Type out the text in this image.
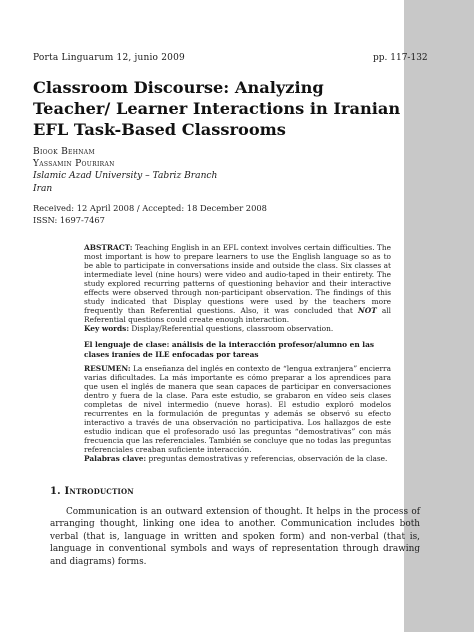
Porta Linguarum 12, junio 2009	pp. 117-132
Classroom Discourse: Analyzing Teacher/ Learner Interactions in Iranian EFL Task-Based Classrooms
Biook Behnam
Yassamin Pouriran
Islamic Azad University – Tabriz Branch
Iran
Received: 12 April 2008 / Accepted: 18 December 2008
ISSN: 1697-7467
ABSTRACT: Teaching English in an EFL context involves certain difficulties. The most important is how to prepare learners to use the English language so as to be able to participate in conversations inside and outside the class. Six classes at intermediate level (nine hours) were video and audio-taped in their entirety. The study explored recurring patterns of questioning behavior and their interactive effects were observed through non-participant observation. The findings of this study indicated that Display questions were used by the teachers more frequently than Referential questions. Also, it was concluded that NOT all Referential questions could create enough interaction.
Key words: Display/Referential questions, classroom observation.
El lenguaje de clase: análisis de la interacción profesor/alumno en las clases iraníes de ILE enfocadas por tareas
RESUMEN: La enseñanza del inglés en contexto de “lengua extranjera” encierra varias dificultades. La más importante es cómo preparar a los aprendices para que usen el inglés de manera que sean capaces de participar en conversaciones dentro y fuera de la clase. Para este estudio, se grabaron en vídeo seis clases completas de nivel intermedio (nueve horas). El estudio exploró modelos recurrentes en la formulación de preguntas y además se observó su efecto interactivo a través de una observación no participativa. Los hallazgos de este estudio indican que el profesorado usó las preguntas “demostrativas” con más frecuencia que las referenciales. También se concluye que no todas las preguntas referenciales creaban suficiente interacción.
Palabras clave: preguntas demostrativas y referencias, observación de la clase.
1. Introduction
Communication is an outward extension of thought. It helps in the process of arranging thought, linking one idea to another. Communication includes both verbal (that is, language in written and spoken form) and non-verbal (that is, language in conventional symbols and ways of representation through drawing and diagrams) forms.
